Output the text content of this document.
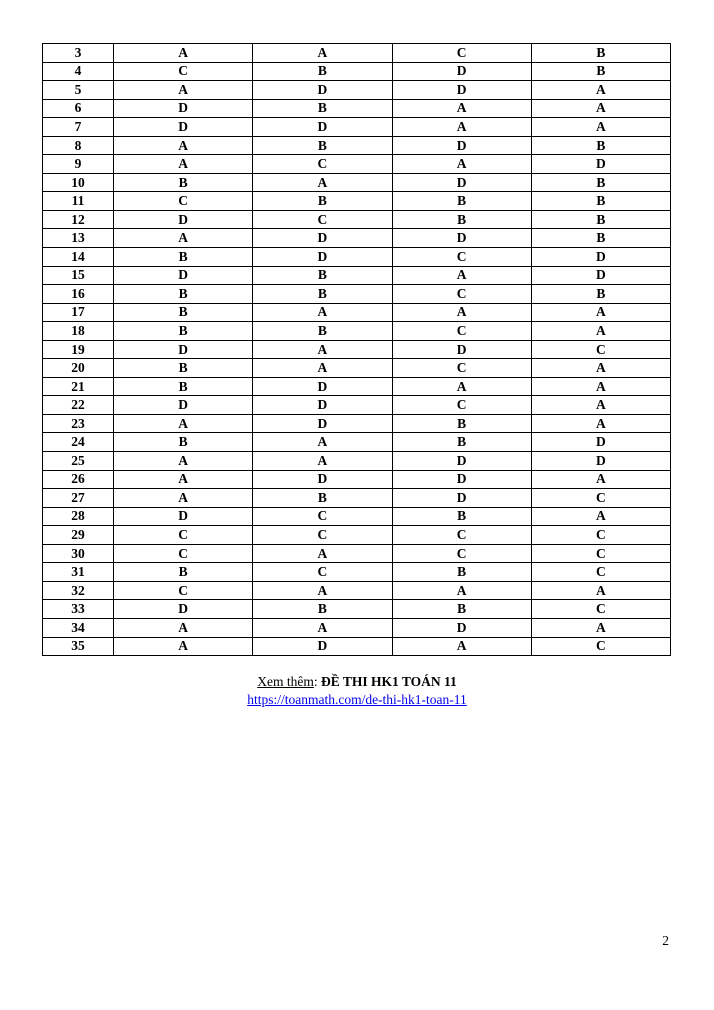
3	A	A	C	B
4	C	B	D	B
5	A	D	D	A
6	D	B	A	A
7	D	D	A	A
8	A	B	D	B
9	A	C	A	D
10	B	A	D	B
11	C	B	B	B
12	D	C	B	B
13	A	D	D	B
14	B	D	C	D
15	D	B	A	D
16	B	B	C	B
17	B	A	A	A
18	B	B	C	A
19	D	A	D	C
20	B	A	C	A
21	B	D	A	A
22	D	D	C	A
23	A	D	B	A
24	B	A	B	D
25	A	A	D	D
26	A	D	D	A
27	A	B	D	C
28	D	C	B	A
29	C	C	C	C
30	C	A	C	C
31	B	C	B	C
32	C	A	A	A
33	D	B	B	C
34	A	A	D	A
35	A	D	A	C
Xem thêm: ĐỀ THI HK1 TOÁN 11
https://toanmath.com/de-thi-hk1-toan-11
2
